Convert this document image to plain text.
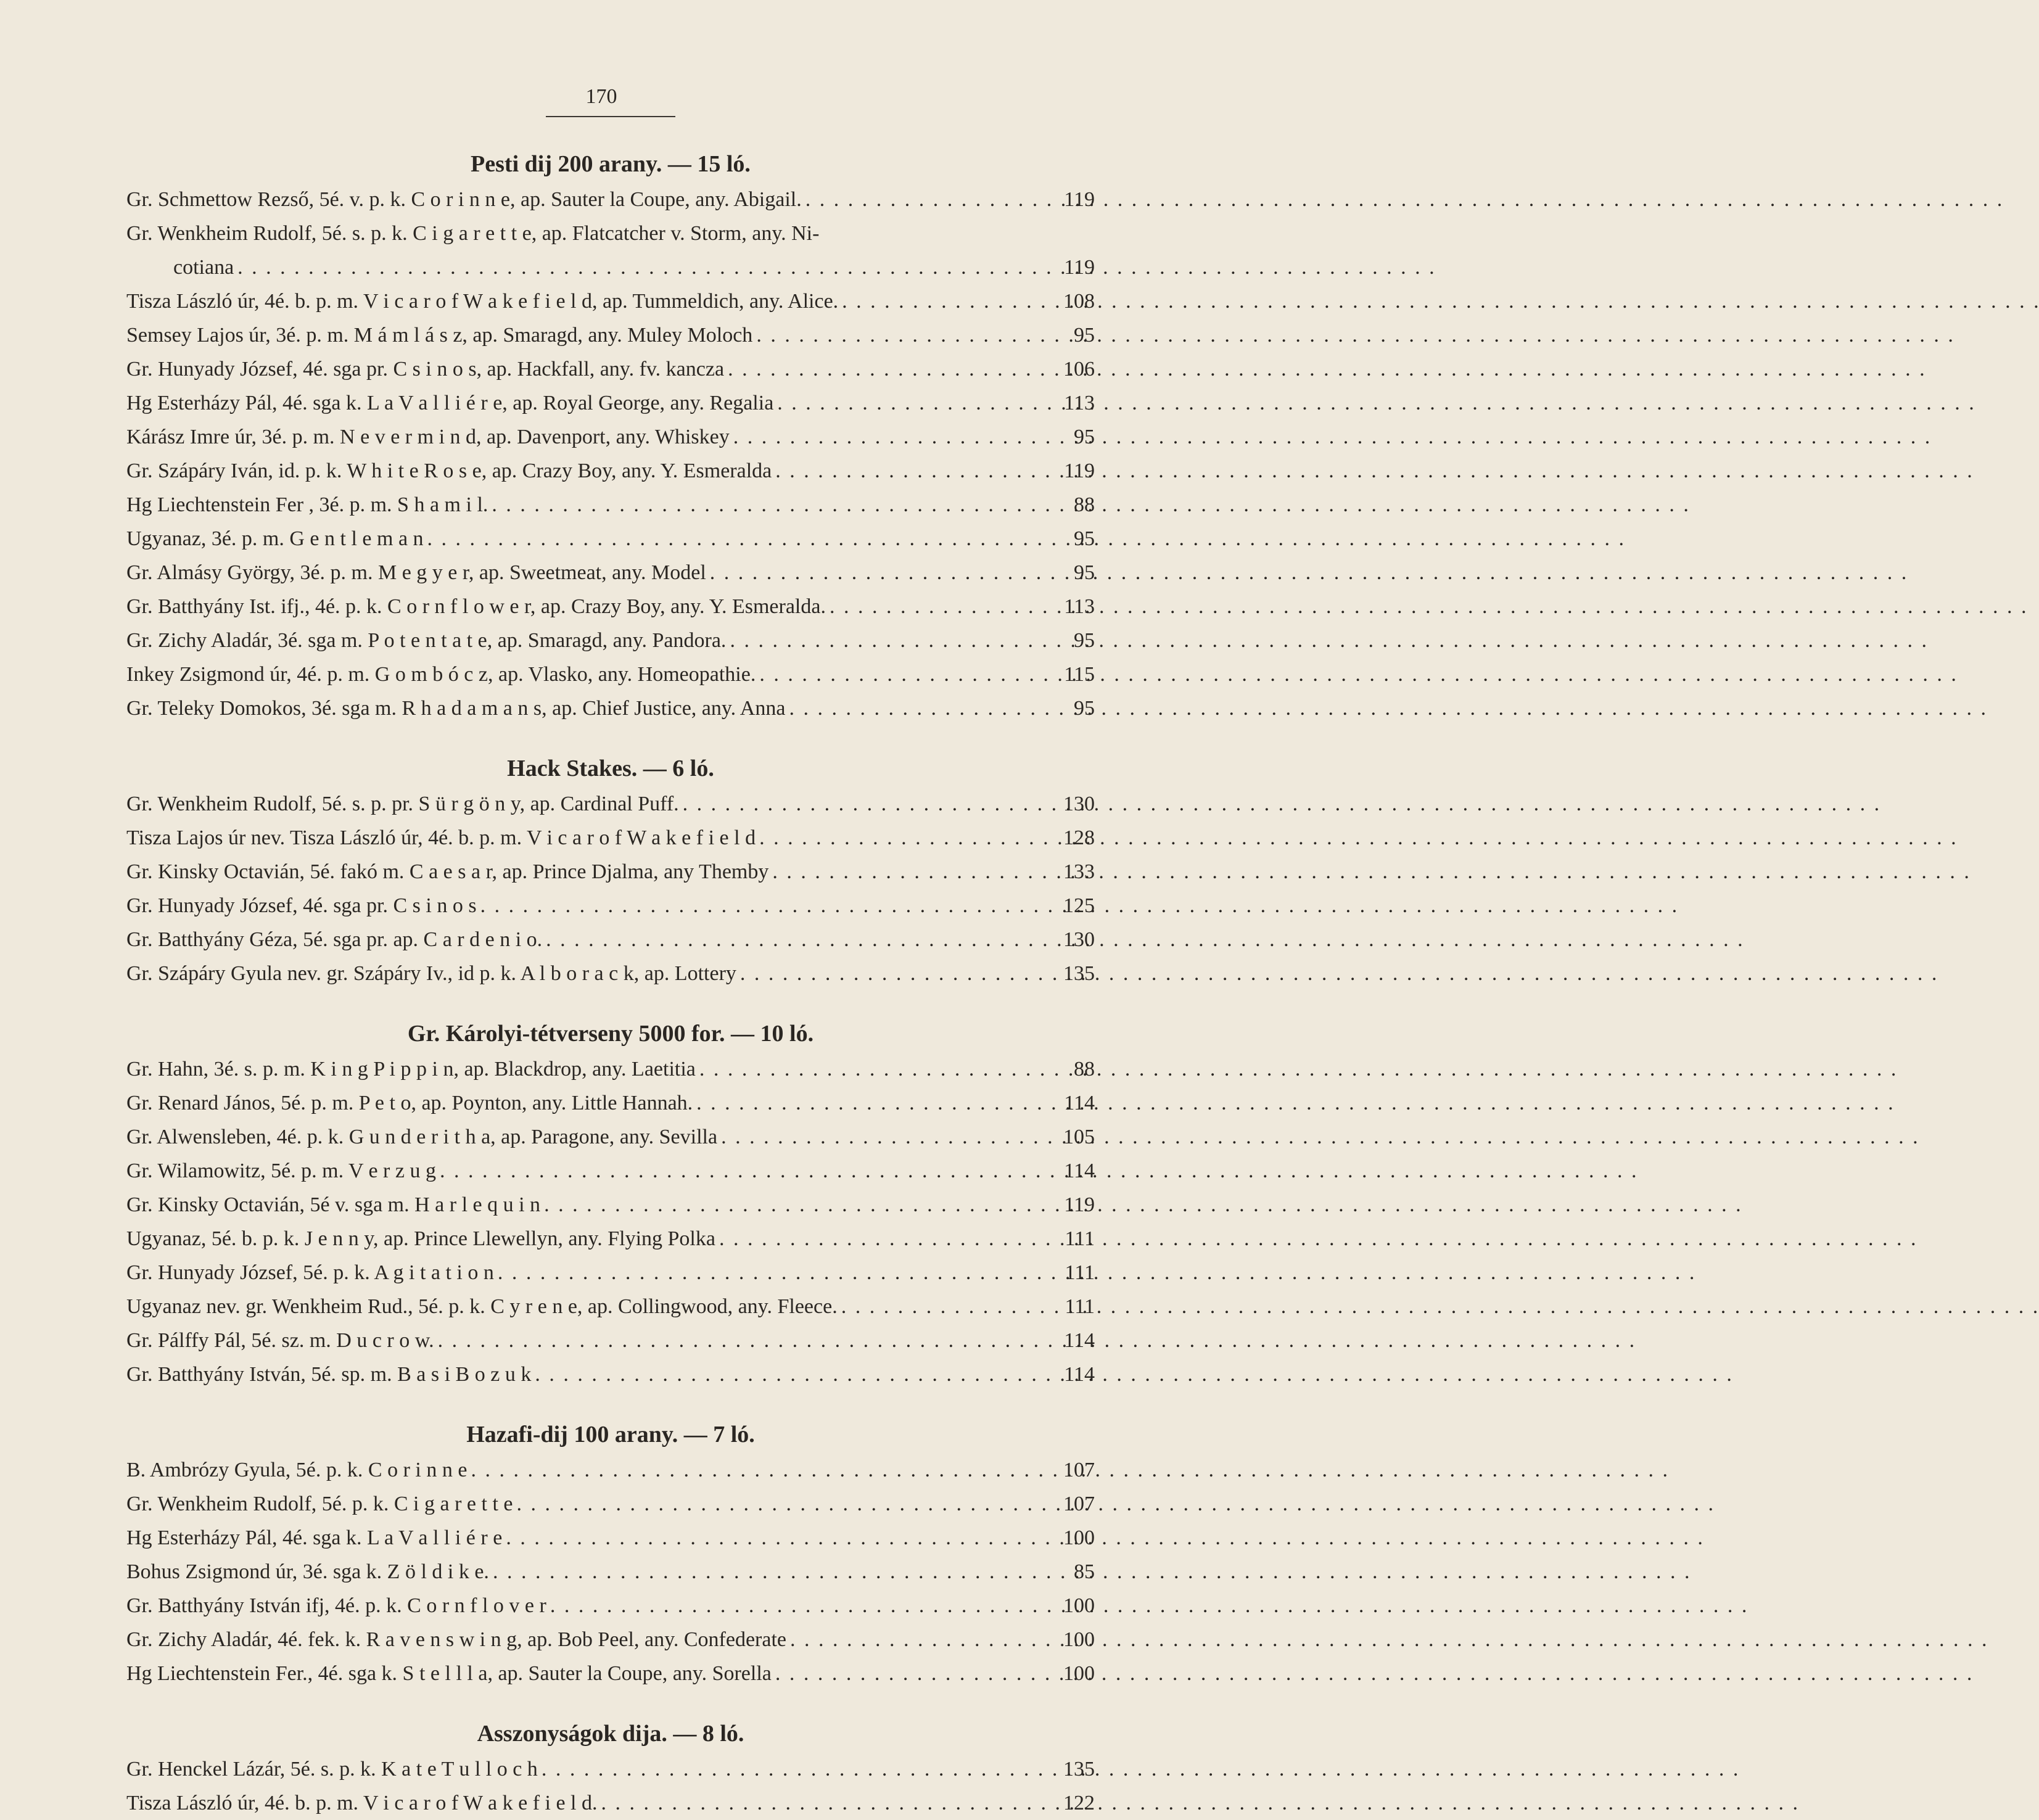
170
Pesti dij 200 arany. — 15 ló.
Gr. Schmettow Rezső, 5é. v. p. k. C o r i n n e, ap. Sauter la Coupe, any. Abigail. . . .	119
Gr. Wenkheim Rudolf, 5é. s. p. k. C i g a r e t t e, ap. Flatcatcher v. Storm, any. Ni-
cotiana . . .	119
Tisza László úr, 4é. b. p. m. V i c a r o f W a k e f i e l d, ap. Tummeldich, any. Alice. . . .	108
Semsey Lajos úr, 3é. p. m. M á m l á s z, ap. Smaragd, any. Muley Moloch . . .	95
Gr. Hunyady József, 4é. sga pr. C s i n o s, ap. Hackfall, any. fv. kancza . . .	106
Hg Esterházy Pál, 4é. sga k. L a V a l l i é r e, ap. Royal George, any. Regalia . . .	113
Kárász Imre úr, 3é. p. m. N e v e r m i n d, ap. Davenport, any. Whiskey . . .	95
Gr. Szápáry Iván, id. p. k. W h i t e R o s e, ap. Crazy Boy, any. Y. Esmeralda . . .	119
Hg Liechtenstein Fer , 3é. p. m. S h a m i l. . . .	88
Ugyanaz, 3é. p. m. G e n t l e m a n . . .	95
Gr. Almásy György, 3é. p. m. M e g y e r, ap. Sweetmeat, any. Model . . .	95
Gr. Batthyány Ist. ifj., 4é. p. k. C o r n f l o w e r, ap. Crazy Boy, any. Y. Esmeralda. . . .	113
Gr. Zichy Aladár, 3é. sga m. P o t e n t a t e, ap. Smaragd, any. Pandora. . . .	95
Inkey Zsigmond úr, 4é. p. m. G o m b ó c z, ap. Vlasko, any. Homeopathie. . . .	115
Gr. Teleky Domokos, 3é. sga m. R h a d a m a n s, ap. Chief Justice, any. Anna . . .	95
Hack Stakes. — 6 ló.
Gr. Wenkheim Rudolf, 5é. s. p. pr. S ü r g ö n y, ap. Cardinal Puff. . . .	130
Tisza Lajos úr nev. Tisza László úr, 4é. b. p. m. V i c a r o f W a k e f i e l d . . .	128
Gr. Kinsky Octavián, 5é. fakó m. C a e s a r, ap. Prince Djalma, any Themby . . .	133
Gr. Hunyady József, 4é. sga pr. C s i n o s . . .	125
Gr. Batthyány Géza, 5é. sga pr. ap. C a r d e n i o. . . .	130
Gr. Szápáry Gyula nev. gr. Szápáry Iv., id p. k. A l b o r a c k, ap. Lottery . . .	135
Gr. Károlyi-tétverseny 5000 for. — 10 ló.
Gr. Hahn, 3é. s. p. m. K i n g P i p p i n, ap. Blackdrop, any. Laetitia . . .	88
Gr. Renard János, 5é. p. m. P e t o, ap. Poynton, any. Little Hannah. . . .	114
Gr. Alwensleben, 4é. p. k. G u n d e r i t h a, ap. Paragone, any. Sevilla . . .	105
Gr. Wilamowitz, 5é. p. m. V e r z u g . . .	114
Gr. Kinsky Octavián, 5é v. sga m. H a r l e q u i n . . .	119
Ugyanaz, 5é. b. p. k. J e n n y, ap. Prince Llewellyn, any. Flying Polka . . .	111
Gr. Hunyady József, 5é. p. k. A g i t a t i o n . . .	111
Ugyanaz nev. gr. Wenkheim Rud., 5é. p. k. C y r e n e, ap. Collingwood, any. Fleece. . . .	111
Gr. Pálffy Pál, 5é. sz. m. D u c r o w. . . .	114
Gr. Batthyány István, 5é. sp. m. B a s i B o z u k . . .	114
Hazafi-dij 100 arany. — 7 ló.
B. Ambrózy Gyula, 5é. p. k. C o r i n n e . . .	107
Gr. Wenkheim Rudolf, 5é. p. k. C i g a r e t t e . . .	107
Hg Esterházy Pál, 4é. sga k. L a V a l l i é r e . . .	100
Bohus Zsigmond úr, 3é. sga k. Z ö l d i k e. . . .	85
Gr. Batthyány István ifj, 4é. p. k. C o r n f l o v e r . . .	100
Gr. Zichy Aladár, 4é. fek. k. R a v e n s w i n g, ap. Bob Peel, any. Confederate . . .	100
Hg Liechtenstein Fer., 4é. sga k. S t e l l l a, ap. Sauter la Coupe, any. Sorella . . .	100
Asszonyságok dija. — 8 ló.
Gr. Henckel Lázár, 5é. s. p. k. K a t e T u l l o c h . . .	135
Tisza László úr, 4é. b. p. m. V i c a r o f W a k e f i e l d. . . .	122
